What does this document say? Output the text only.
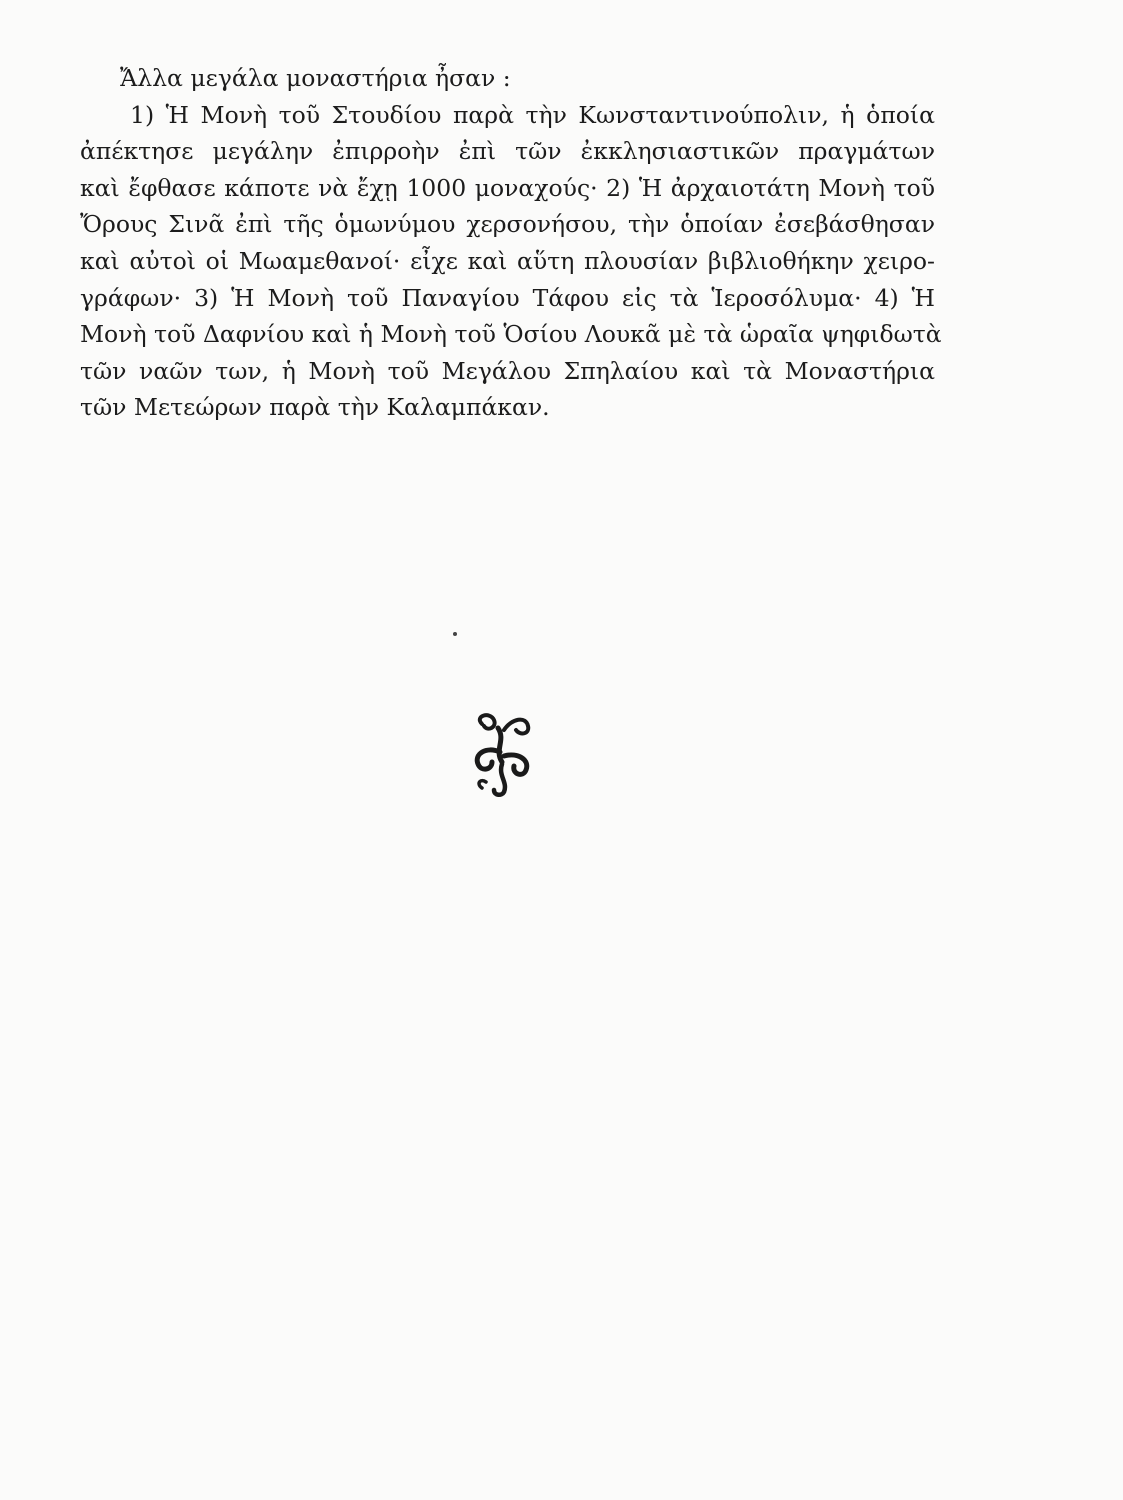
Ἄλλα μεγάλα μοναστήρια ἦσαν :
1) Ἡ Μονὴ τοῦ Στουδίου παρὰ τὴν Κωνσταντινούπολιν, ἡ ὁποία
ἀπέκτησε μεγάλην ἐπιρροὴν ἐπὶ τῶν ἐκκλησιαστικῶν πραγμάτων
καὶ ἔφθασε κάποτε νὰ ἔχῃ 1000 μοναχούς· 2) Ἡ ἀρχαιοτάτη Μονὴ τοῦ
Ὄρους Σινᾶ ἐπὶ τῆς ὁμωνύμου χερσονήσου, τὴν ὁποίαν ἐσεβάσθησαν
καὶ αὐτοὶ οἱ Μωαμεθανοί· εἶχε καὶ αὕτη πλουσίαν βιβλιοθήκην χειρο-
γράφων· 3) Ἡ Μονὴ τοῦ Παναγίου Τάφου εἰς τὰ Ἱεροσόλυμα· 4) Ἡ
Μονὴ τοῦ Δαφνίου καὶ ἡ Μονὴ τοῦ Ὁσίου Λουκᾶ μὲ τὰ ὡραῖα ψηφιδωτὰ
τῶν ναῶν των, ἡ Μονὴ τοῦ Μεγάλου Σπηλαίου καὶ τὰ Μοναστήρια
τῶν Μετεώρων παρὰ τὴν Καλαμπάκαν.
